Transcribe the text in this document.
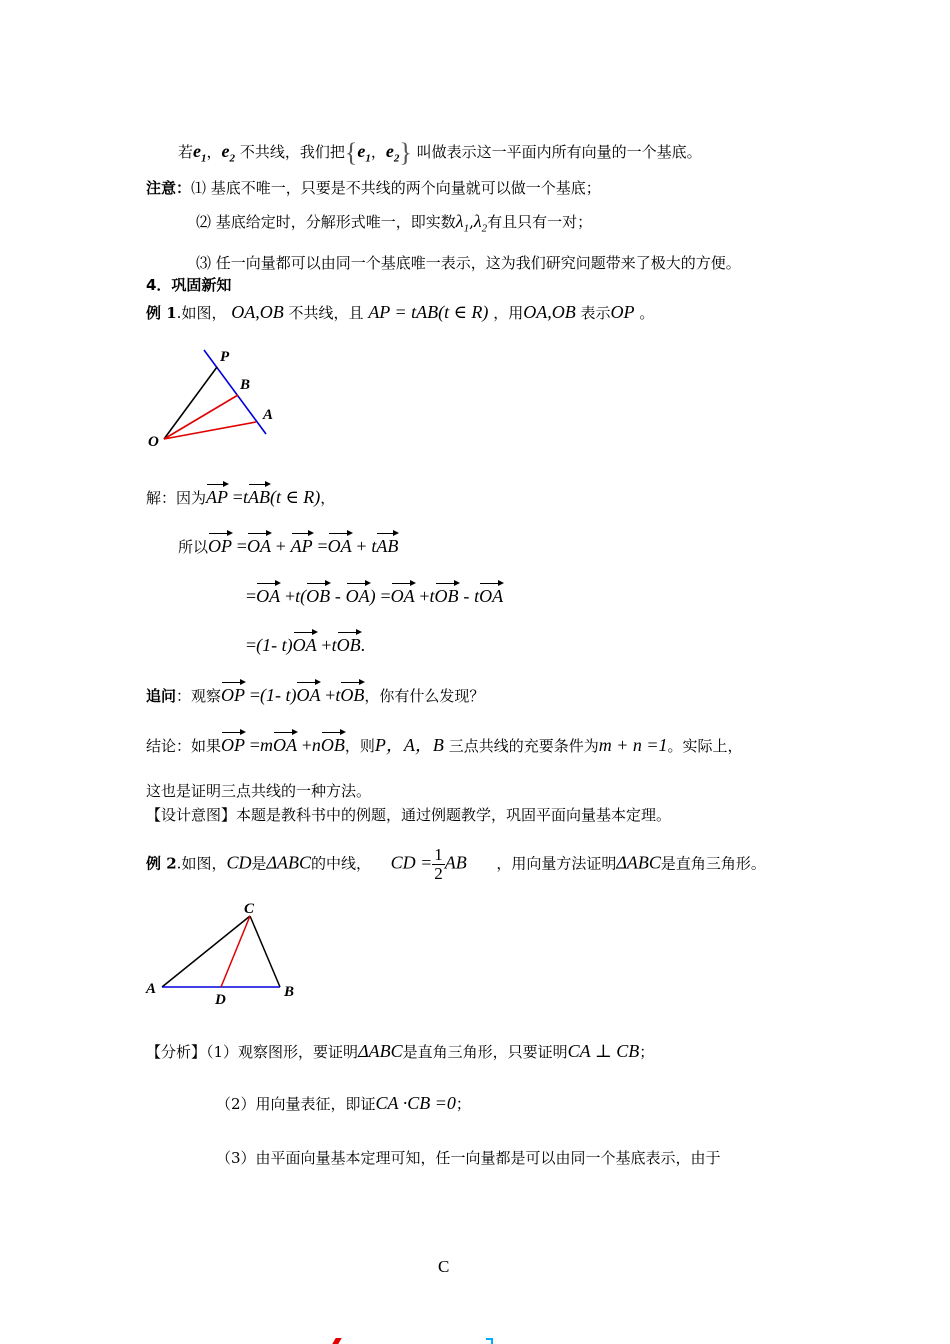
若$e_1$，$e_2$ 不共线，我们把{$e_1$，$e_2$} 叫做表示这一平面内所有向量的一个基底。
注意：⑴ 基底不唯一，只要是不共线的两个向量就可以做一个基底；
⑵ 基底给定时，分解形式唯一，即实数$\lambda_1,\lambda_2$有且只有一对；
⑶ 任一向量都可以由同一个基底唯一表示，这为我们研究问题带来了极大的方便。
4．巩固新知
例 1.如图， OA,OB 不共线，且 AP = tAB(t ∈ R) ，用OA,OB 表示OP 。
P
B
A
O
解：因为AP =tAB(t ∈ R)，
所以OP =OA + AP =OA + tAB
=OA +t(OB - OA) =OA +tOB - tOA
=(1- t)OA +tOB.
追问：观察OP =(1- t)OA +tOB，你有什么发现？
结论：如果OP =mOA +nOB，则P，A，B 三点共线的充要条件为m + n =1。实际上，
这也是证明三点共线的一种方法。
【设计意图】本题是教科书中的例题，通过例题教学，巩固平面向量基本定理。
例 2.如图，CD是ΔABC的中线， CD = $\frac{1}{2}$ AB ，用向量方法证明ΔABC是直角三角形。
C
A
D	B
【分析】（1）观察图形，要证明ΔABC是直角三角形，只要证明CA ⊥ CB；
（2）用向量表征，即证CA ·CB =0；
（3）由平面向量基本定理可知，任一向量都是可以由同一个基底表示，由于
C
